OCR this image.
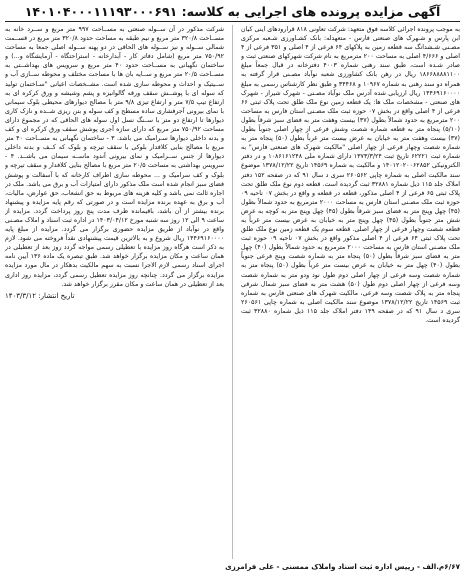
آگهی مزایده پرونده های اجرایی به کلاسه: ۱۴۰۱۰۴۰۰۰۱۱۱۹۳۰۰۰۶۹۱

به موجب پرونده اجرائی کلاسه فوق متعهد: شرکت تعاونی ۸۱۸ قرارودهای اینی کیان ابن پارس و شـهرک های صنعتی فارس - متعهدله: بانک کشـاورزی شـعبه مرکزی مصـنی شـشدانگ سه قطعه زمین به پلاکهای ۶۴ فرعی از ۴ اصلی و ۳۵۱ فرعی از ۴ اصلی و ۴/۶۶۶ اصلی به مساحت ۲۰۰ مترمربع به نام شرکت شهرکهای صنعتی ثبت و صادر شـده است، طبق سند رهنی شماره ۴۰۰۳ دفترخانه در قبال جمعاً مبلغ ۱۸۶۶۸۸۸۸۱۱۰۰ ریال در رهن بانک کشاورزی شعبه نوآباد مصـنی قرار گرفته به همراه دو سند رهنی به شماره ۱۰۹۶۷ و ۳۴۴۶۸ و طبق نظر کارشناس رسمی به مبلغ ۱۴۴۶۹۱۶۰۰۰۰ ریال ارزیابی شده آدرس ملک نوآباد مصـنی - شهرک شیراز - شهرک های صنعتی - مشخصات ملک ها: یک قطعه زمین نوع ملک طلق تحت پلاک ثبتی ۶۶ فرعی از ۴ اصلی واقع در بخش ۰۷ حوزه ثبت ملک مصـنی استان فارس به مساحت ۲۰۰ مترمربع به حدود شمالاً بطول (۳۷) بیست وهفت متر به فضای سبز شرقاً بطول (۵/۱۰) پنجاه متر به قطعه شماره شصت وشش فرعی از چهار اصلی جنوباً بطول (۳۷) بیست وهفت متر به خیابان به عرض بیست متر غرباً بطول (۵۰) پنجاه متر به شماره شصت وچهار فرعی از چهار اصلی "مالکیت شهرک های صنعتی فارس" به شماره ثبت ۶۲۲۲۱ تاریخ ثبت ۱۳۷۳/۳/۲۴ دارای شماره ملی ۱۰۸۶۱۶۱۲۴۸ و در دفتر الکترونیکی ۱۴۰۱۲۰۲۰۰۶۲۸۵۲ و مالکیت به شماره ۱۴۵۶۹ تاریخ ۱۳۷۸/۱۲/۲۲ موضوع سند مالکیت اصلی به شماره چاپی ۲۶۰۵۶۲ سری د سال ۹۱ که در صفحه ۱۵۲ دفتر املاک جلد ۱۱۵ ذیل شماره ۳۲۸۸۱ ثبت گردیده است. قطعه دوم نوع ملک طلق تحت پلاک ثبتی ۶۵ فرعی از ۴ اصلی مذکور، قطعه در قطعه و واقع در بخش ۰۷ ناحیه ۰۹ حوزه ثبت ملک مصـنی استان فارس به مساحت ۲۰۰۰ مترمربع به حدود شمالاً بطول (۴۵) چهل وپنج متر به فضای سبز شرقاً بطول (۴۵) چهل وپنج متر به کوچه به عرض شش متر جنوباً بطول (۴۵) چهل وپنج متر به خیابان به عرض بیست متر غرباً به قطعه شصت وچهار فرعی از چهار اصلی. قطعه سوم یک قطعه زمین نوع ملک طلق تحت پلاک ثبتی ۶۴ فرعی از ۴ اصلی مذکور واقع در بخش ۰۷ ناحیه ۰۹ حوزه ثبت ملک مصـنی استان فارس به مساحت ۲۰۰۰ مترمربع به حدود شمالاً بطول (۴۰) چهل متر به فضای سبز شرقاً بطول (۵۰) پنجاه متر به شماره شصت وپنج فرعی جنوباً بطول (۴۰) چهل متر به خیابان به عرض بیست متر غرباً بطول (۵۰) پنجاه متر به شماره شصت وسه فرعی از چهار اصلی دوم طول نود ودو متر به شماره شصت وسه فرعی از چهار اصلی دوم طول (۵۰) هشت متر به فضای سبز شمال شرقی پنجاه متر به پلاک شصت وسه فرعی، مالکیت شهرک های صنعتی فارس به شماره ثبت ۱۴۵۶۹ تاریخ ۱۳۷۸/۱۲/۲۲ موضوع سند مالکیت اصلی به شماره چاپی ۲۶۰۵۶۱ سری د سال ۹۱ که در صفحه ۱۴۹ دفتر املاک جلد ۱۱۵ ذیل شماره ۳۲۸۸۰ ثبت گردیده است.

شرکت مذکور در آن ســوله صنعتی به مســاحت ۹۹۷ متر مربع و ســرد خانه به مســاحت ۳۲۰/۸ متر مربع و نیم طبقه به مساحت حدود ۳۲۰/۸ متر مربع در قســمت شمالی ســوله و نیز ســوله های الحاقی در دو پهنه ســوله اصلی جمعا به مساحت ۷۵۰/۹۲ متر مربع (شامل دفاتر کار - آبدارخانه - استراحتگاه - آزمایشگاه و...) و ساختمان نگهبانی به مســاحت حدود ۴۰ متر مربع و سرویس های بهداشــتی به مســاحت ۲۰/۵ متر مربع و ســایه بان ها با مساحت مختلف و محوطه ســازی آب و ســیتیک و احداث و محوطه سازی شده است. مشــخصات اعیانی "سـاختمان تولید که سوله ای با پوشــش سقف ورقه گالوانیزه و پشم وشیشه و ورق کرکره ای به ارتفاع تیپ ۷/۵ متر و ارتفاع تیزی ۹/۸ متر با مصالح دیوارهای محیطی بلوک سیمانی با نمای بیرونی آجرفشاری ساده مسطح و کف سوله و بتن ریزی شــده و نازک کاری دیوارها تا ارتفاع دو متر با ســنگ نسل اول سوله های الحاقی که در مجموع دارای مساحت ۷۵۰/۹۲ متر مربع که دارای سازه آجری پوشش سقف ورق کرکره ای و کف و بدنه داخلی دیوارها سـرامیک می باشد. ۳ - ساختمان نگهبانی به مســاحت ۴۰ متر مربع با مصالح بنایی کلافدار بلوکی با سقف تیرچه و بلوک که کــف و بدنه داخلی دیوارها از جنس ســرامیک و نمای بیرونی آندود ماســه سیمان می باشــد. ۴ - سرویس بهداشتی به مساحت ۲۰/۵ متر مربع با مصالح بنایی کلافدار و سقف تیرچه و بلوک و کف سرامیک و ... محوطه سازی اطراف کارخانه که با آسفالت و پوشش فضای سبز انجام شده است ملک مذکور دارای امتیازات آب و برق می باشد. ملک در اجاره ثالث نمی باشد و کلیه هزینه های مربوط به حق انشعاب، حق عوارض، مالیات، آب و برق به عهده برنده مزایده است و در صورتی که رقم پایه مزایده و پیشنهاد برنده بیشتر از آن باشد، باقیمانده ظرف مدت پنج روز پرداخت گردد. مزایده از ساعت ۹ الی ۱۲ روز سه شنبه مورخ ۱۴۰۳/۰۴/۱۲ در اداره ثبت اسناد و املاک مصـنی واقع در نوآباد از طریق مزایده حضوری برگزار می گردد. مزایده از مبلغ پایه ۱۴۴۶۹۱۶۰۰۰۰ ریال شروع و به بالاترین قیمت پیشنهادی نقداً فروخته می شود. لازم به ذکر است هرگاه روز مزایده با تعطیلی رسمی مواجه گردد روز بعد از تعطیلی در همان ساعت و مکان مزایده برگزار خواهد شد. طبق تبصره یک ماده ۱۳۶ آیین نامه اجرای اسناد رسمی لازم الاجرا نسبت به سهم مالکیت بدهکار در مال مورد مزایده مزایده برگزار می گردد. چنانچه روز مزایده تعطیل رسمی گردد، مزایده روز اداری بعد از تعطیلی در همان ساعت و مکان مقرر برگزار خواهد شد.

تاریخ انتشار: ۱۴۰۳/۳/۱۲
۶/۶۷م.الف - رییس اداره ثبت اسناد واملاک ممسنی - علی فرامرزی
